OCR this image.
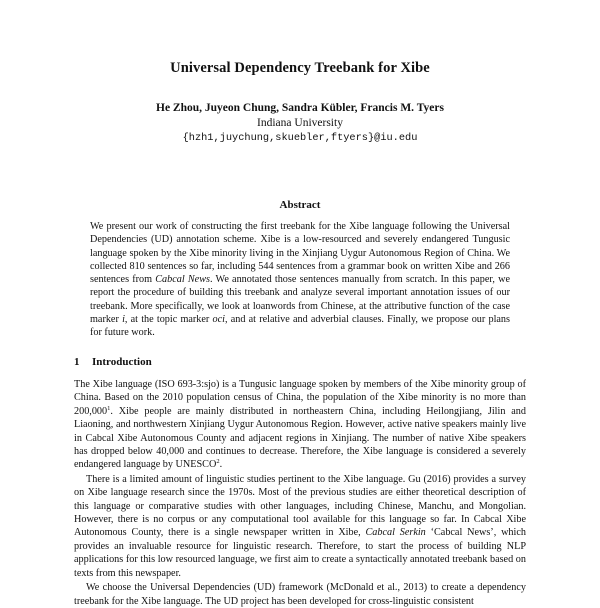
Universal Dependency Treebank for Xibe
He Zhou, Juyeon Chung, Sandra Kübler, Francis M. Tyers
Indiana University
{hzh1,juychung,skuebler,ftyers}@iu.edu
Abstract

We present our work of constructing the first treebank for the Xibe language following the Universal Dependencies (UD) annotation scheme. Xibe is a low-resourced and severely endangered Tungusic language spoken by the Xibe minority living in the Xinjiang Uygur Autonomous Region of China. We collected 810 sentences so far, including 544 sentences from a grammar book on written Xibe and 266 sentences from Cabcal News. We annotated those sentences manually from scratch. In this paper, we report the procedure of building this treebank and analyze several important annotation issues of our treebank. More specifically, we look at loanwords from Chinese, at the attributive function of the case marker i, at the topic marker oci, and at relative and adverbial clauses. Finally, we propose our plans for future work.

1 Introduction

The Xibe language (ISO 693-3:sjo) is a Tungusic language spoken by members of the Xibe minority group of China. Based on the 2010 population census of China, the population of the Xibe minority is no more than 200,000$^1$. Xibe people are mainly distributed in northeastern China, including Heilongjiang, Jilin and Liaoning, and northwestern Xinjiang Uygur Autonomous Region. However, active native speakers mainly live in Cabcal Xibe Autonomous County and adjacent regions in Xinjiang. The number of native Xibe speakers has dropped below 40,000 and continues to decrease. Therefore, the Xibe language is considered a severely endangered language by UNESCO$^2$.

There is a limited amount of linguistic studies pertinent to the Xibe language. Gu (2016) provides a survey on Xibe language research since the 1970s. Most of the previous studies are either theoretical description of this language or comparative studies with other languages, including Chinese, Manchu, and Mongolian. However, there is no corpus or any computational tool available for this language so far. In Cabcal Xibe Autonomous County, there is a single newspaper written in Xibe, Cabcal Serkin ‘Cabcal News’, which provides an invaluable resource for linguistic research. Therefore, to start the process of building NLP applications for this low resourced language, we first aim to create a syntactically annotated treebank based on texts from this newspaper.

We choose the Universal Dependencies (UD) framework (McDonald et al., 2013) to create a dependency treebank for the Xibe language. The UD project has been developed for cross-linguistic consistent
